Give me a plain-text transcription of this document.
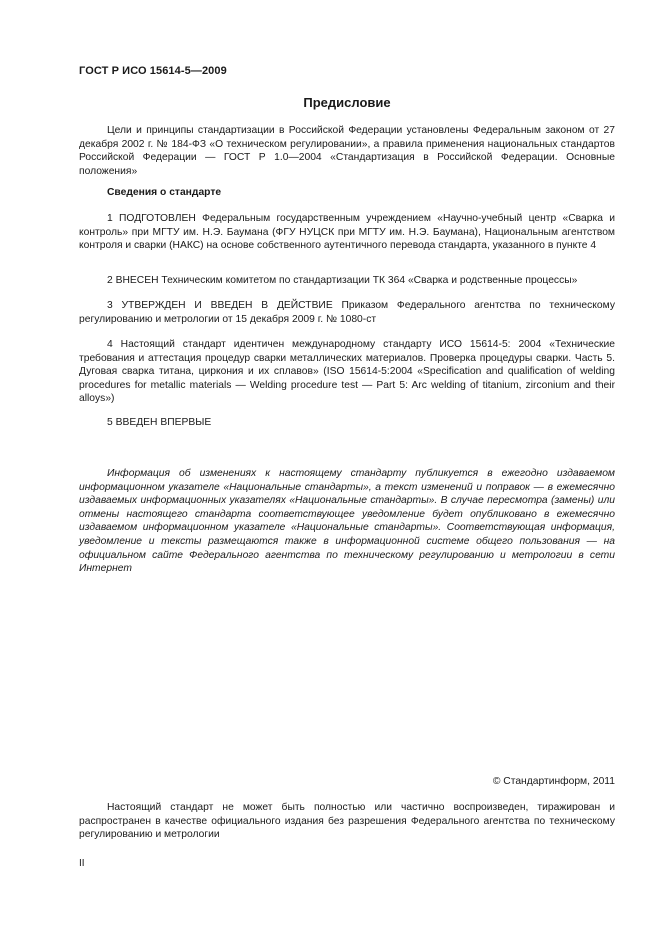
ГОСТ Р ИСО 15614-5—2009
Предисловие

Цели и принципы стандартизации в Российской Федерации установлены Федеральным законом от 27 декабря 2002 г. № 184-ФЗ «О техническом регулировании», а правила применения национальных стандартов Российской Федерации — ГОСТ Р 1.0—2004 «Стандартизация в Российской Федерации. Основные положения»

Сведения о стандарте

1 ПОДГОТОВЛЕН Федеральным государственным учреждением «Научно-учебный центр «Сварка и контроль» при МГТУ им. Н.Э. Баумана (ФГУ НУЦСК при МГТУ им. Н.Э. Баумана), Национальным агентством контроля и сварки (НАКС) на основе собственного аутентичного перевода стандарта, указанного в пункте 4

2 ВНЕСЕН Техническим комитетом по стандартизации ТК 364 «Сварка и родственные процессы»

3 УТВЕРЖДЕН И ВВЕДЕН В ДЕЙСТВИЕ Приказом Федерального агентства по техническому регулированию и метрологии от 15 декабря 2009 г. № 1080-ст

4 Настоящий стандарт идентичен международному стандарту ИСО 15614-5: 2004 «Технические требования и аттестация процедур сварки металлических материалов. Проверка процедуры сварки. Часть 5. Дуговая сварка титана, циркония и их сплавов» (ISO 15614-5:2004 «Specification and qualification of welding procedures for metallic materials — Welding procedure test — Part 5: Arc welding of titanium, zirconium and their alloys»)

5 ВВЕДЕН ВПЕРВЫЕ

Информация об изменениях к настоящему стандарту публикуется в ежегодно издаваемом информационном указателе «Национальные стандарты», а текст изменений и поправок — в ежемесячно издаваемых информационных указателях «Национальные стандарты». В случае пересмотра (замены) или отмены настоящего стандарта соответствующее уведомление будет опубликовано в ежемесячно издаваемом информационном указателе «Национальные стандарты». Соответствующая информация, уведомление и тексты размещаются также в информационной системе общего пользования — на официальном сайте Федерального агентства по техническому регулированию и метрологии в сети Интернет

© Стандартинформ, 2011

Настоящий стандарт не может быть полностью или частично воспроизведен, тиражирован и распространен в качестве официального издания без разрешения Федерального агентства по техническому регулированию и метрологии

II
